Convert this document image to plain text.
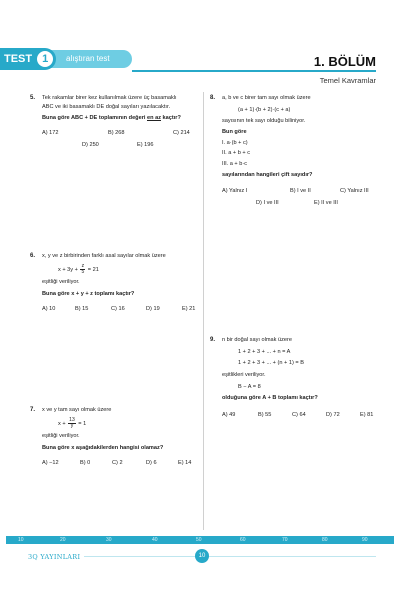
TEST 1	alıştıran test	1. BÖLÜM
Temel Kavramlar
5. Tek rakamlar birer kez kullanılmak üzere üç basamaklı
ABC ve iki basamaklı DE doğal sayıları yazılacaktır.
Buna göre ABC + DE toplamının değeri en az kaçtır?
A) 172	B) 268	C) 214
D) 250	E) 196
6. x, y ve z birbirinden farklı asal sayılar olmak üzere
$x + 3y + \frac{z}{5} = 21$
eşitliği veriliyor.
Buna göre x + y + z toplamı kaçtır?
A) 10	B) 15	C) 16	D) 19	E) 21
7. x ve y tam sayı olmak üzere
$x + \frac{13}{y} = 1$
eşitliği veriliyor.
Buna göre x aşağıdakilerden hangisi olamaz?
A) −12	B) 0	C) 2	D) 6	E) 14
8. a, b ve c birer tam sayı olmak üzere
(a + 1)·(b + 2)·(c + a)
sayısının tek sayı olduğu biliniyor.
Bun göre
I. a·(b + c)
II. a + b + c
III. a + b·c
sayılarından hangileri çift sayıdır?
A) Yalnız I	B) I ve II	C) Yalnız III
D) I ve III	E) II ve III
9. n bir doğal sayı olmak üzere
1 + 2 + 3 + ... + n = A
1 + 2 + 3 + ... + (n + 1) = B
eşitlikleri veriliyor.
B − A = 8
olduğuna göre A + B toplamı kaçtır?
A) 49	B) 55	C) 64	D) 72	E) 81
10	20	30	40	50	60	70	80	90
3Q YAYINLARI	10
